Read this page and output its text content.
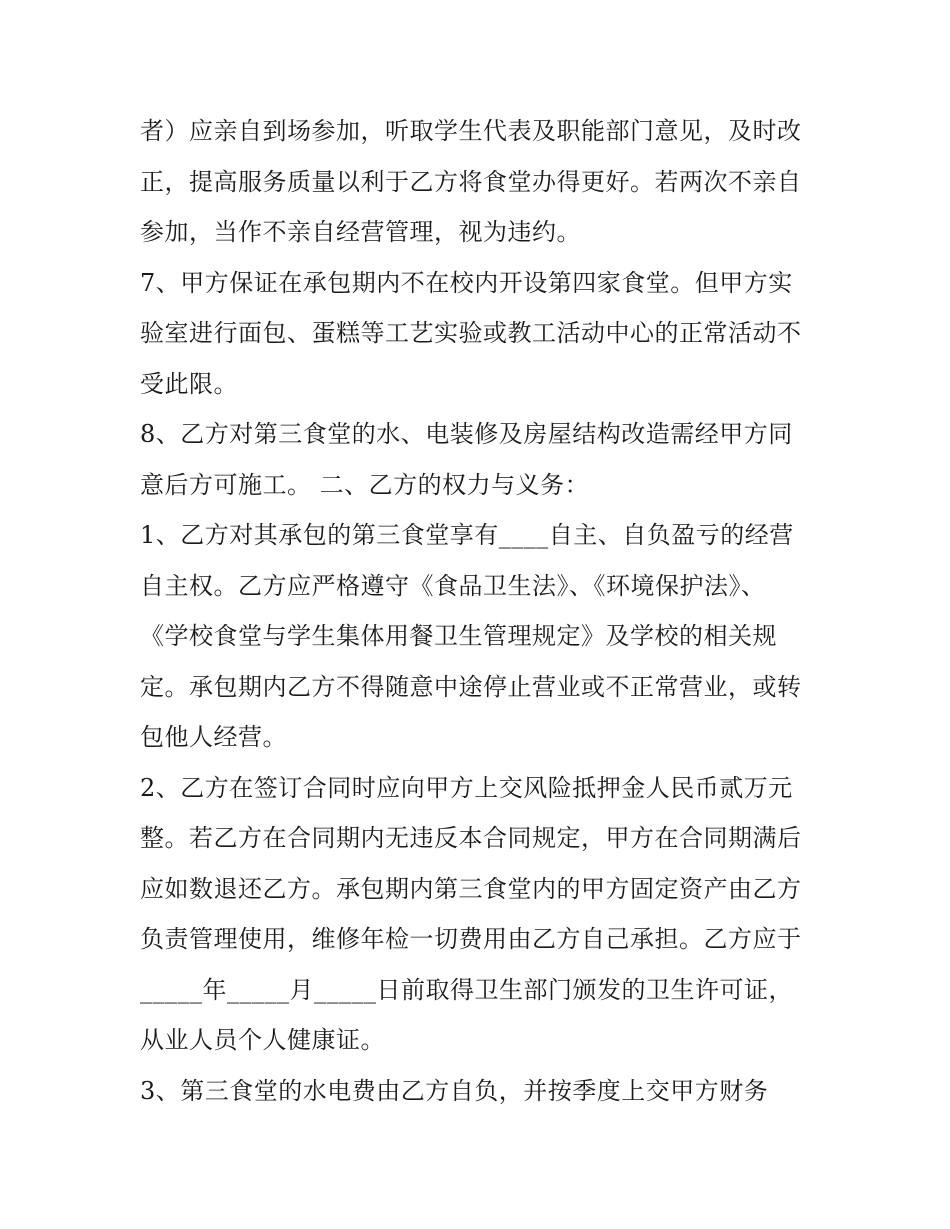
者）应亲自到场参加，听取学生代表及职能部门意见，及时改
正，提高服务质量以利于乙方将食堂办得更好。若两次不亲自
参加，当作不亲自经营管理，视为违约。
7、甲方保证在承包期内不在校内开设第四家食堂。但甲方实
验室进行面包、蛋糕等工艺实验或教工活动中心的正常活动不
受此限。
8、乙方对第三食堂的水、电装修及房屋结构改造需经甲方同
意后方可施工。 二、乙方的权力与义务：
1、乙方对其承包的第三食堂享有____自主、自负盈亏的经营
自主权。乙方应严格遵守《食品卫生法》、《环境保护法》、
《学校食堂与学生集体用餐卫生管理规定》及学校的相关规
定。承包期内乙方不得随意中途停止营业或不正常营业，或转
包他人经营。
2、乙方在签订合同时应向甲方上交风险抵押金人民币贰万元
整。若乙方在合同期内无违反本合同规定，甲方在合同期满后
应如数退还乙方。承包期内第三食堂内的甲方固定资产由乙方
负责管理使用，维修年检一切费用由乙方自己承担。乙方应于
_____年_____月_____日前取得卫生部门颁发的卫生许可证，
从业人员个人健康证。
3、第三食堂的水电费由乙方自负，并按季度上交甲方财务
